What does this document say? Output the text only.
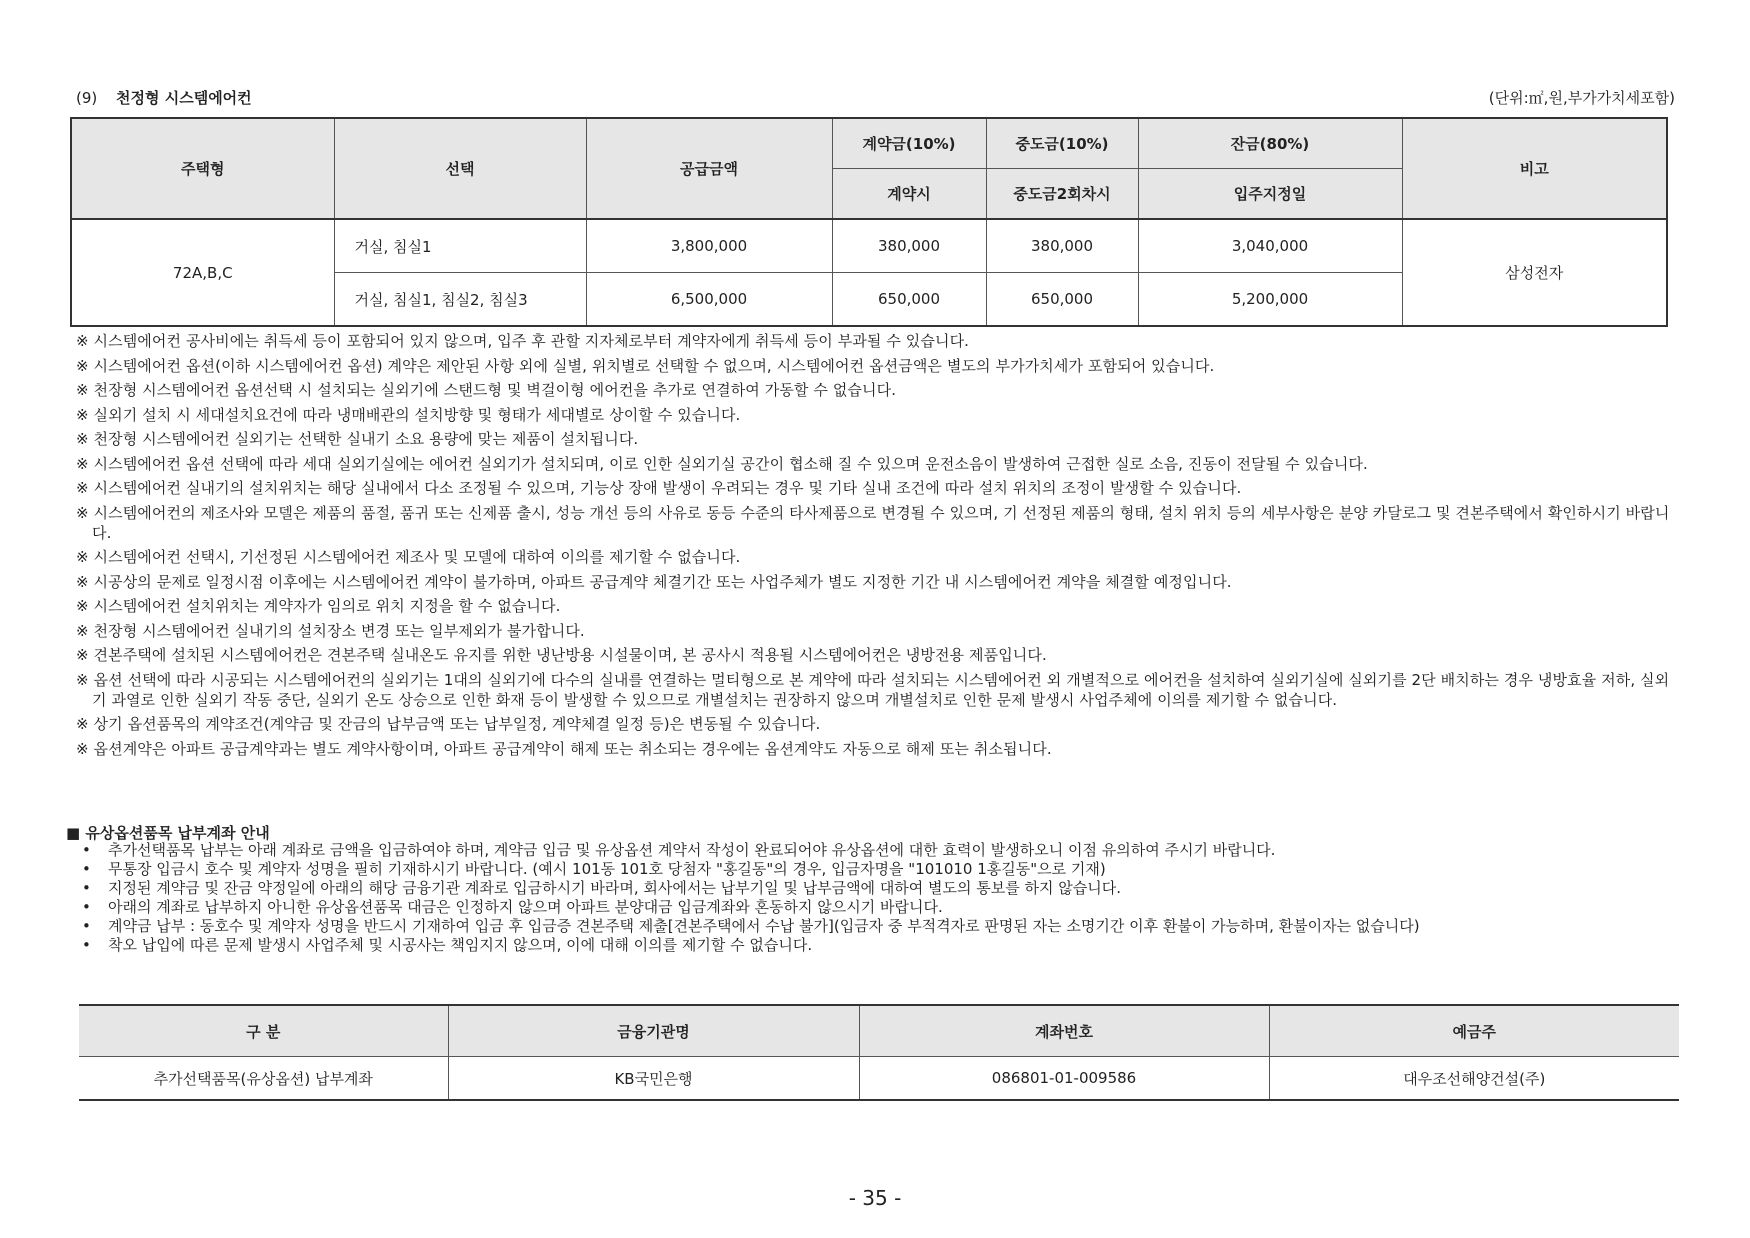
(9) 천정형 시스템에어컨	(단위:㎡,원,부가가치세포함)
주택형	선택	공급금액	계약금(10%)	중도금(10%)	잔금(80%)	비고
			계약시	중도금2회차시	입주지정일	
72A,B,C	거실, 침실1	3,800,000	380,000	380,000	3,040,000	삼성전자
	거실, 침실1, 침실2, 침실3	6,500,000	650,000	650,000	5,200,000	
※ 시스템에어컨 공사비에는 취득세 등이 포함되어 있지 않으며, 입주 후 관할 지자체로부터 계약자에게 취득세 등이 부과될 수 있습니다.
※ 시스템에어컨 옵션(이하 시스템에어컨 옵션) 계약은 제안된 사항 외에 실별, 위치별로 선택할 수 없으며, 시스템에어컨 옵션금액은 별도의 부가가치세가 포함되어 있습니다.
※ 천장형 시스템에어컨 옵션선택 시 설치되는 실외기에 스탠드형 및 벽걸이형 에어컨을 추가로 연결하여 가동할 수 없습니다.
※ 실외기 설치 시 세대설치요건에 따라 냉매배관의 설치방향 및 형태가 세대별로 상이할 수 있습니다.
※ 천장형 시스템에어컨 실외기는 선택한 실내기 소요 용량에 맞는 제품이 설치됩니다.
※ 시스템에어컨 옵션 선택에 따라 세대 실외기실에는 에어컨 실외기가 설치되며, 이로 인한 실외기실 공간이 협소해 질 수 있으며 운전소음이 발생하여 근접한 실로 소음, 진동이 전달될 수 있습니다.
※ 시스템에어컨 실내기의 설치위치는 해당 실내에서 다소 조정될 수 있으며, 기능상 장애 발생이 우려되는 경우 및 기타 실내 조건에 따라 설치 위치의 조정이 발생할 수 있습니다.
※ 시스템에어컨의 제조사와 모델은 제품의 품절, 품귀 또는 신제품 출시, 성능 개선 등의 사유로 동등 수준의 타사제품으로 변경될 수 있으며, 기 선정된 제품의 형태, 설치 위치 등의 세부사항은 분양 카달로그 및 견본주택에서 확인하시기 바랍니다.
※ 시스템에어컨 선택시, 기선정된 시스템에어컨 제조사 및 모델에 대하여 이의를 제기할 수 없습니다.
※ 시공상의 문제로 일정시점 이후에는 시스템에어컨 계약이 불가하며, 아파트 공급계약 체결기간 또는 사업주체가 별도 지정한 기간 내 시스템에어컨 계약을 체결할 예정입니다.
※ 시스템에어컨 설치위치는 계약자가 임의로 위치 지정을 할 수 없습니다.
※ 천장형 시스템에어컨 실내기의 설치장소 변경 또는 일부제외가 불가합니다.
※ 견본주택에 설치된 시스템에어컨은 견본주택 실내온도 유지를 위한 냉난방용 시설물이며, 본 공사시 적용될 시스템에어컨은 냉방전용 제품입니다.
※ 옵션 선택에 따라 시공되는 시스템에어컨의 실외기는 1대의 실외기에 다수의 실내를 연결하는 멀티형으로 본 계약에 따라 설치되는 시스템에어컨 외 개별적으로 에어컨을 설치하여 실외기실에 실외기를 2단 배치하는 경우 냉방효율 저하, 실외기 과열로 인한 실외기 작동 중단, 실외기 온도 상승으로 인한 화재 등이 발생할 수 있으므로 개별설치는 권장하지 않으며 개별설치로 인한 문제 발생시 사업주체에 이의를 제기할 수 없습니다.
※ 상기 옵션품목의 계약조건(계약금 및 잔금의 납부금액 또는 납부일정, 계약체결 일정 등)은 변동될 수 있습니다.
※ 옵션계약은 아파트 공급계약과는 별도 계약사항이며, 아파트 공급계약이 해제 또는 취소되는 경우에는 옵션계약도 자동으로 해제 또는 취소됩니다.
■ 유상옵션품목 납부계좌 안내
• 추가선택품목 납부는 아래 계좌로 금액을 입금하여야 하며, 계약금 입금 및 유상옵션 계약서 작성이 완료되어야 유상옵션에 대한 효력이 발생하오니 이점 유의하여 주시기 바랍니다.
• 무통장 입금시 호수 및 계약자 성명을 필히 기재하시기 바랍니다. (예시 101동 101호 당첨자 "홍길동"의 경우, 입금자명을 "101010 1홍길동"으로 기재)
• 지정된 계약금 및 잔금 약정일에 아래의 해당 금융기관 계좌로 입금하시기 바라며, 회사에서는 납부기일 및 납부금액에 대하여 별도의 통보를 하지 않습니다.
• 아래의 계좌로 납부하지 아니한 유상옵션품목 대금은 인정하지 않으며 아파트 분양대금 입금계좌와 혼동하지 않으시기 바랍니다.
• 계약금 납부 : 동호수 및 계약자 성명을 반드시 기재하여 입금 후 입금증 견본주택 제출[견본주택에서 수납 불가](입금자 중 부적격자로 판명된 자는 소명기간 이후 환불이 가능하며, 환불이자는 없습니다)
• 착오 납입에 따른 문제 발생시 사업주체 및 시공사는 책임지지 않으며, 이에 대해 이의를 제기할 수 없습니다.
구 분	금융기관명	계좌번호	예금주
추가선택품목(유상옵션) 납부계좌	KB국민은행	086801-01-009586	대우조선해양건설(주)
- 35 -
